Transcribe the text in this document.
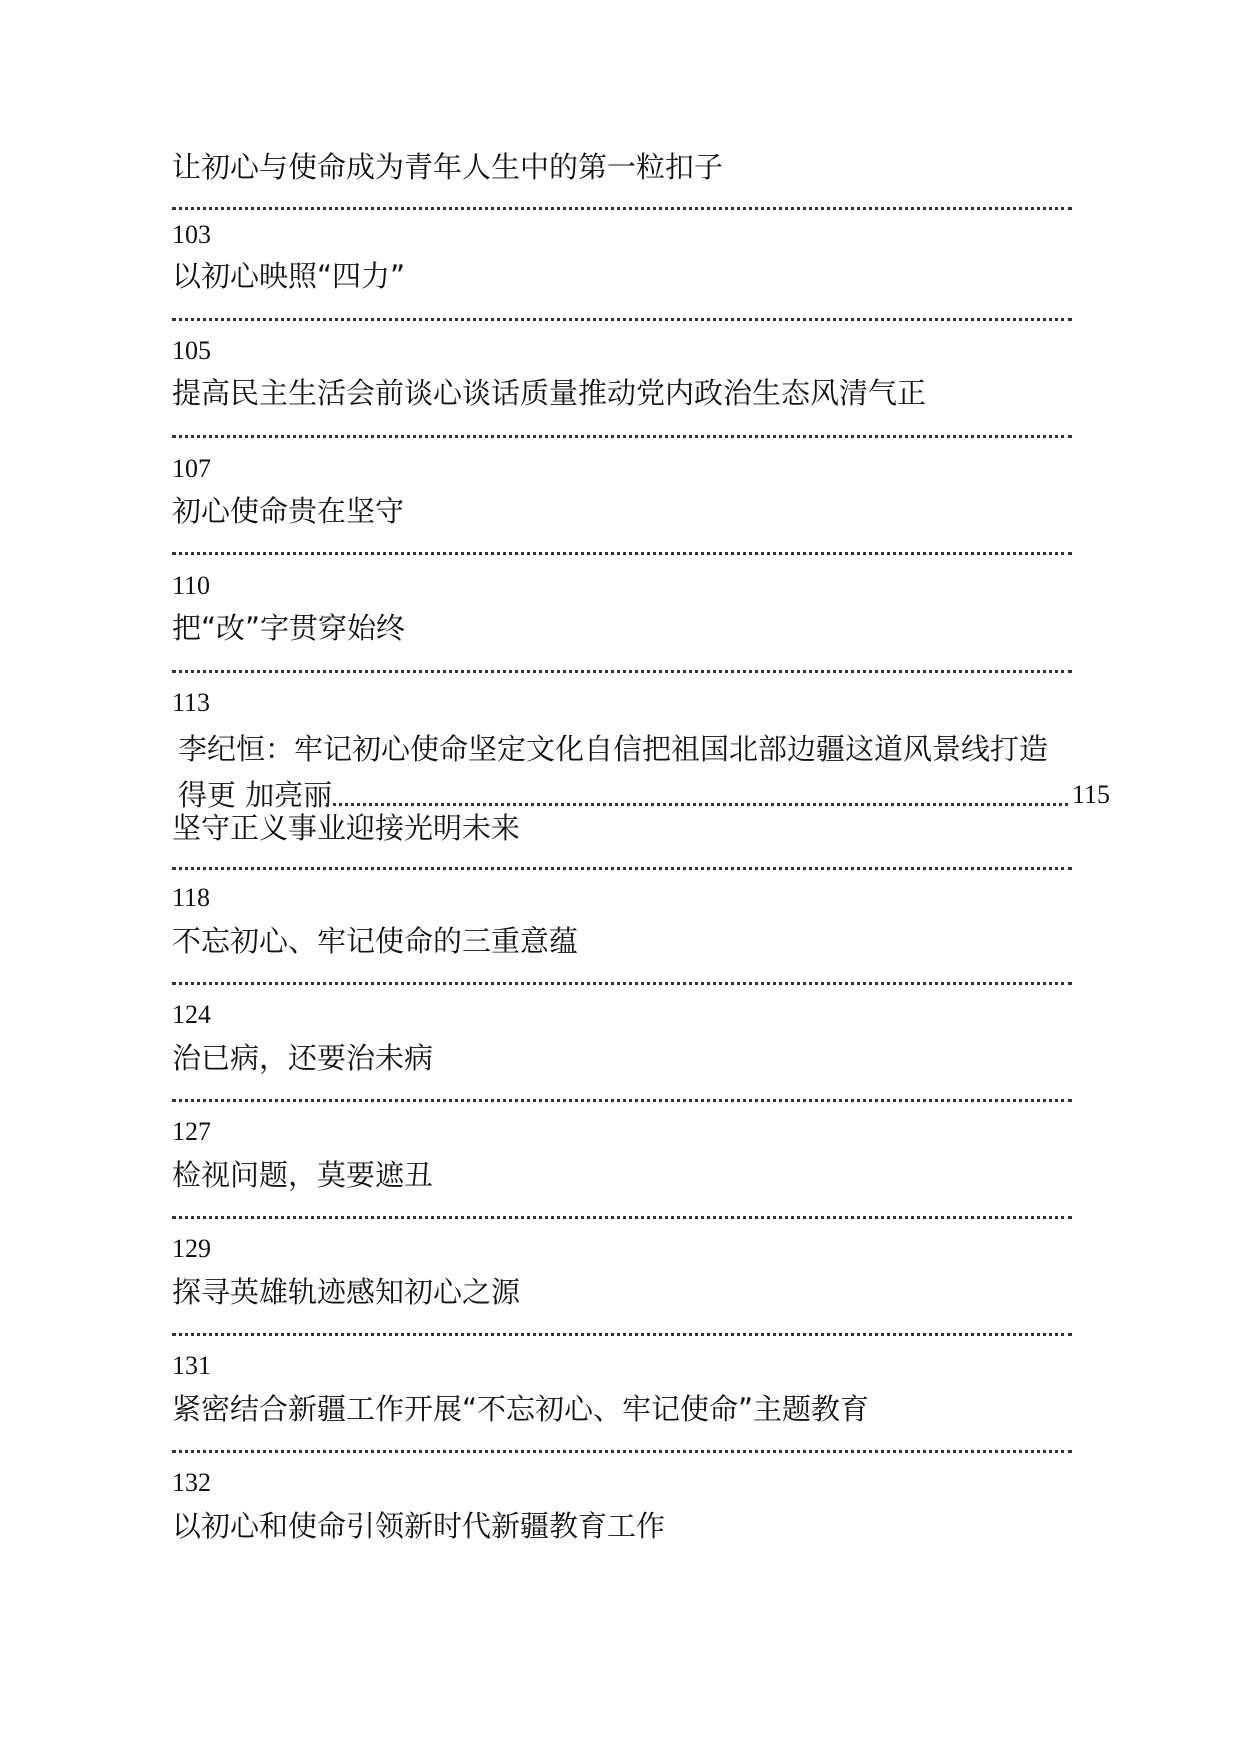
让初心与使命成为青年人生中的第一粒扣子
103
以初心映照“四力”
105
提高民主生活会前谈心谈话质量推动党内政治生态风清气正
107
初心使命贵在坚守
110
把“改”字贯穿始终
113
李纪恒：牢记初心使命坚定文化自信把祖国北部边疆这道风景线打造
得更 加亮丽	115
坚守正义事业迎接光明未来
118
不忘初心、牢记使命的三重意蕴
124
治已病，还要治未病
127
检视问题，莫要遮丑
129
探寻英雄轨迹感知初心之源
131
紧密结合新疆工作开展“不忘初心、牢记使命”主题教育
132
以初心和使命引领新时代新疆教育工作
